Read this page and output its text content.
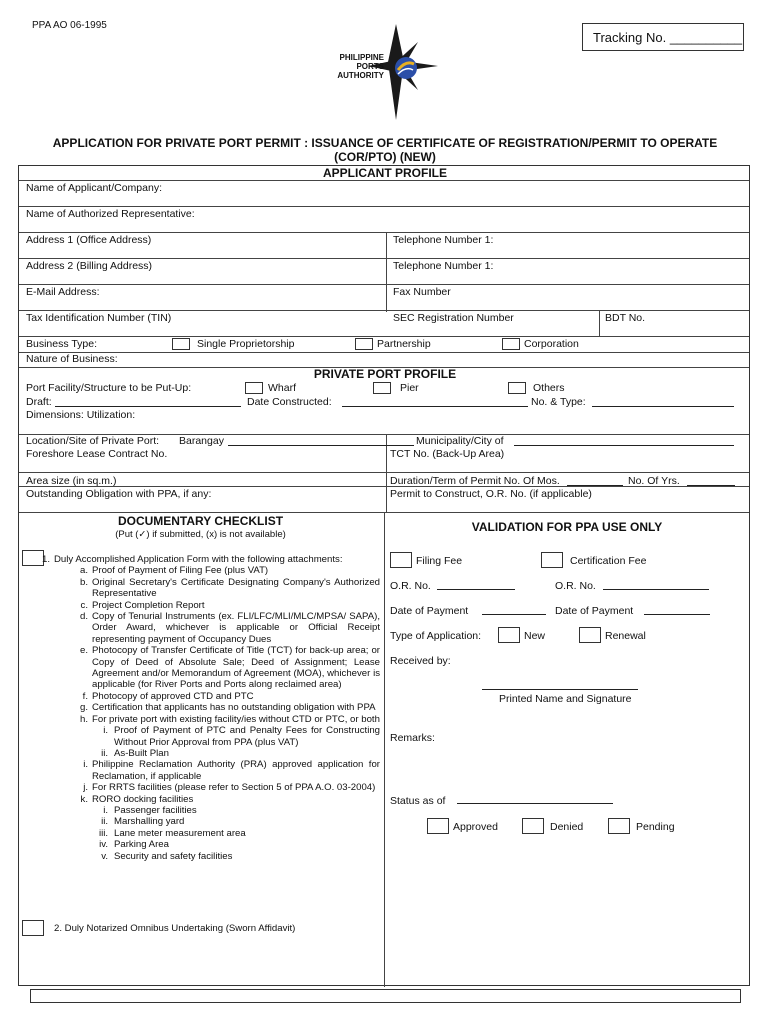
PPA AO 06-1995
Tracking No. __________
PHILIPPINE
PORTS
AUTHORITY
APPLICATION FOR PRIVATE PORT PERMIT : ISSUANCE OF CERTIFICATE OF REGISTRATION/PERMIT TO OPERATE
(COR/PTO) (NEW)
APPLICANT PROFILE
Name of Applicant/Company:
Name of Authorized Representative:
Address 1 (Office Address)	Telephone Number 1:
Address 2 (Billing Address)	Telephone Number 1:
E-Mail Address:	Fax Number
Tax Identification Number (TIN)	SEC Registration Number	BDT No.
Business Type:	Single Proprietorship	Partnership	Corporation
Nature of Business:
PRIVATE PORT PROFILE
Port Facility/Structure to be Put-Up:	Wharf	Pier	Others
Draft:	Date Constructed:	No. & Type:
Dimensions: Utilization:
Location/Site of Private Port: Barangay	Municipality/City of
Foreshore Lease Contract No.	TCT No. (Back-Up Area)
Area size (in sq.m.)	Duration/Term of Permit No. Of Mos.	No. Of Yrs.
Outstanding Obligation with PPA, if any:	Permit to Construct, O.R. No. (if applicable)
DOCUMENTARY CHECKLIST
(Put (✓) if submitted, (x) is not available)
1. Duly Accomplished Application Form with the following attachments:
a. Proof of Payment of Filing Fee (plus VAT)
b. Original Secretary's Certificate Designating Company's Authorized Representative
c. Project Completion Report
d. Copy of Tenurial Instruments (ex. FLI/LFC/MLI/MLC/MPSA/ SAPA), Order Award, whichever is applicable or Official Receipt representing payment of Occupancy Dues
e. Photocopy of Transfer Certificate of Title (TCT) for back-up area; or Copy of Deed of Absolute Sale; Deed of Assignment; Lease Agreement and/or Memorandum of Agreement (MOA), whichever is applicable (for River Ports and Ports along reclaimed area)
f. Photocopy of approved CTD and PTC
g. Certification that applicants has no outstanding obligation with PPA
h. For private port with existing facility/ies without CTD or PTC, or both
i. Proof of Payment of PTC and Penalty Fees for Constructing Without Prior Approval from PPA (plus VAT)
ii. As-Built Plan
i. Philippine Reclamation Authority (PRA) approved application for Reclamation, if applicable
j. For RRTS facilities (please refer to Section 5 of PPA A.O. 03-2004)
k. RORO docking facilities
i. Passenger facilities
ii. Marshalling yard
iii. Lane meter measurement area
iv. Parking Area
v. Security and safety facilities
2. Duly Notarized Omnibus Undertaking (Sworn Affidavit)
VALIDATION FOR PPA USE ONLY
Filing Fee	Certification Fee
O.R. No.	O.R. No.
Date of Payment	Date of Payment
Type of Application:	New	Renewal
Received by:
Printed Name and Signature
Remarks:
Status as of
Approved	Denied	Pending
